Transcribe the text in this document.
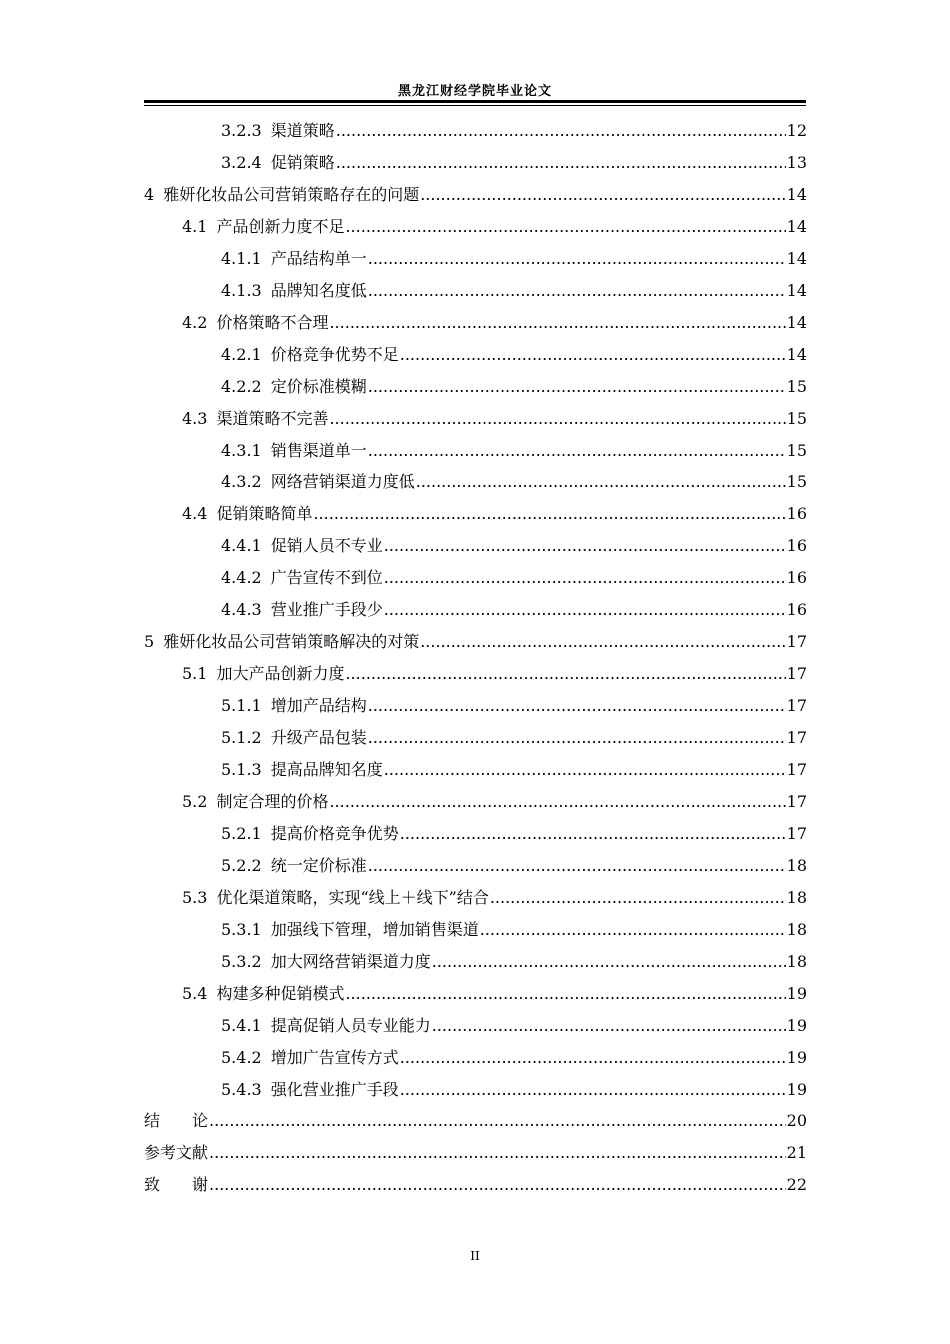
黑龙江财经学院毕业论文
3.2.3 渠道策略 .....	12
3.2.4 促销策略 .....	13
4 雅妍化妆品公司营销策略存在的问题 .....	14
4.1 产品创新力度不足 .....	14
4.1.1 产品结构单一 .....	14
4.1.3 品牌知名度低 .....	14
4.2 价格策略不合理 .....	14
4.2.1 价格竞争优势不足 .....	14
4.2.2 定价标准模糊 .....	15
4.3 渠道策略不完善 .....	15
4.3.1 销售渠道单一 .....	15
4.3.2 网络营销渠道力度低 .....	15
4.4 促销策略简单 .....	16
4.4.1 促销人员不专业 .....	16
4.4.2 广告宣传不到位 .....	16
4.4.3 营业推广手段少 .....	16
5 雅妍化妆品公司营销策略解决的对策 .....	17
5.1 加大产品创新力度 .....	17
5.1.1 增加产品结构 .....	17
5.1.2 升级产品包装 .....	17
5.1.3 提高品牌知名度 .....	17
5.2 制定合理的价格 .....	17
5.2.1 提高价格竞争优势 .....	17
5.2.2 统一定价标准 .....	18
5.3 优化渠道策略，实现“线上＋线下”结合 .....	18
5.3.1 加强线下管理，增加销售渠道 .....	18
5.3.2 加大网络营销渠道力度 .....	18
5.4 构建多种促销模式 .....	19
5.4.1 提高促销人员专业能力 .....	19
5.4.2 增加广告宣传方式 .....	19
5.4.3 强化营业推广手段 .....	19
结　　论 .....	20
参考文献 .....	21
致　　谢 .....	22
II
